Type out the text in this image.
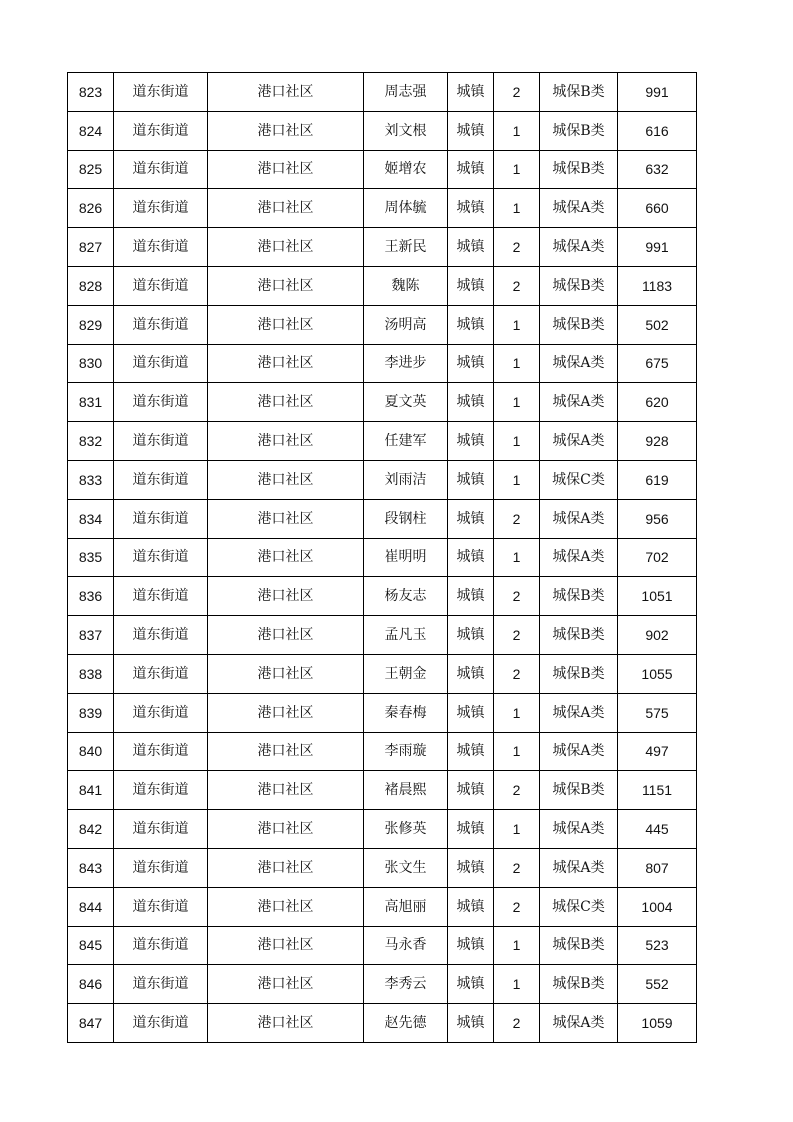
823	道东街道	港口社区	周志强	城镇	2	城保B类	991
824	道东街道	港口社区	刘文根	城镇	1	城保B类	616
825	道东街道	港口社区	姬增农	城镇	1	城保B类	632
826	道东街道	港口社区	周体毓	城镇	1	城保A类	660
827	道东街道	港口社区	王新民	城镇	2	城保A类	991
828	道东街道	港口社区	魏陈	城镇	2	城保B类	1183
829	道东街道	港口社区	汤明高	城镇	1	城保B类	502
830	道东街道	港口社区	李进步	城镇	1	城保A类	675
831	道东街道	港口社区	夏文英	城镇	1	城保A类	620
832	道东街道	港口社区	任建军	城镇	1	城保A类	928
833	道东街道	港口社区	刘雨洁	城镇	1	城保C类	619
834	道东街道	港口社区	段钢柱	城镇	2	城保A类	956
835	道东街道	港口社区	崔明明	城镇	1	城保A类	702
836	道东街道	港口社区	杨友志	城镇	2	城保B类	1051
837	道东街道	港口社区	孟凡玉	城镇	2	城保B类	902
838	道东街道	港口社区	王朝金	城镇	2	城保B类	1055
839	道东街道	港口社区	秦春梅	城镇	1	城保A类	575
840	道东街道	港口社区	李雨璇	城镇	1	城保A类	497
841	道东街道	港口社区	褚晨熙	城镇	2	城保B类	1151
842	道东街道	港口社区	张修英	城镇	1	城保A类	445
843	道东街道	港口社区	张文生	城镇	2	城保A类	807
844	道东街道	港口社区	高旭丽	城镇	2	城保C类	1004
845	道东街道	港口社区	马永香	城镇	1	城保B类	523
846	道东街道	港口社区	李秀云	城镇	1	城保B类	552
847	道东街道	港口社区	赵先德	城镇	2	城保A类	1059
